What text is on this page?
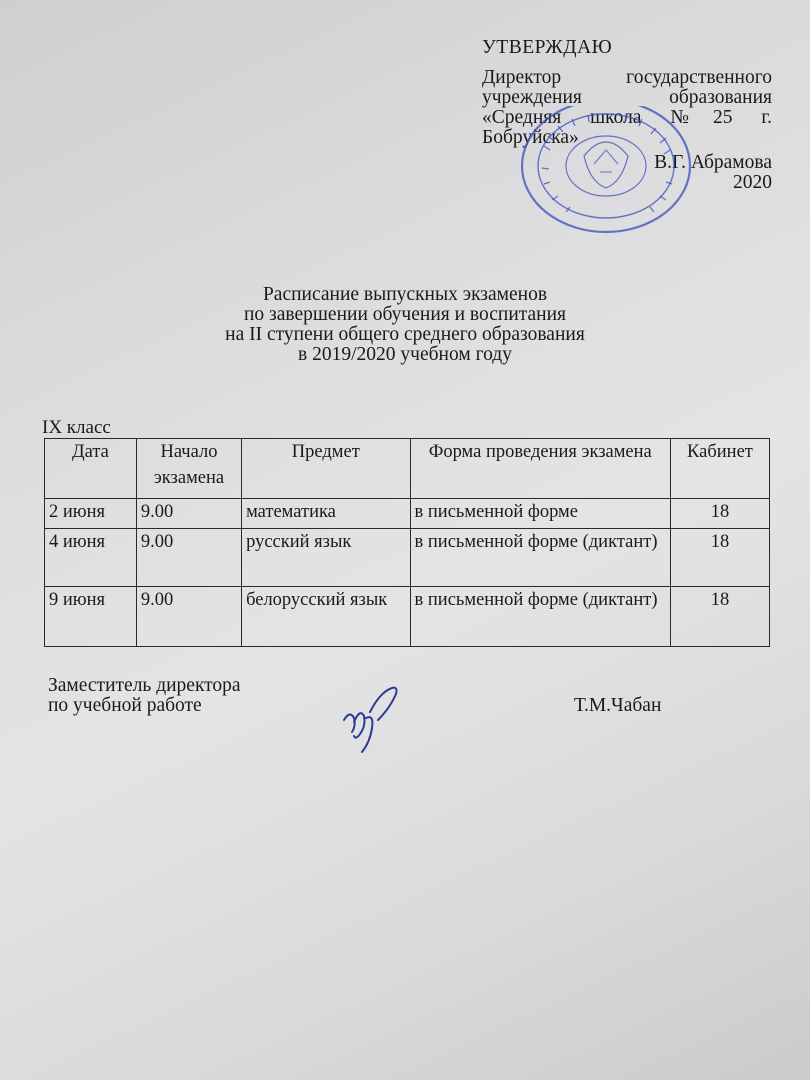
УТВЕРЖДАЮ
Директор государственного
учреждения образования
«Средняя школа №25 г.
Бобруйска»
В.Г. Абрамова
2020
Расписание выпускных экзаменов
по завершении обучения и воспитания
на II ступени общего среднего образования
в 2019/2020 учебном году
IX класс
Дата	Начало экзамена	Предмет	Форма проведения экзамена	Кабинет
2 июня	9.00	математика	в письменной форме	18
4 июня	9.00	русский язык	в письменной форме (диктант)	18
9 июня	9.00	белорусский язык	в письменной форме (диктант)	18
Заместитель директора
по учебной работе	Т.М.Чабан
